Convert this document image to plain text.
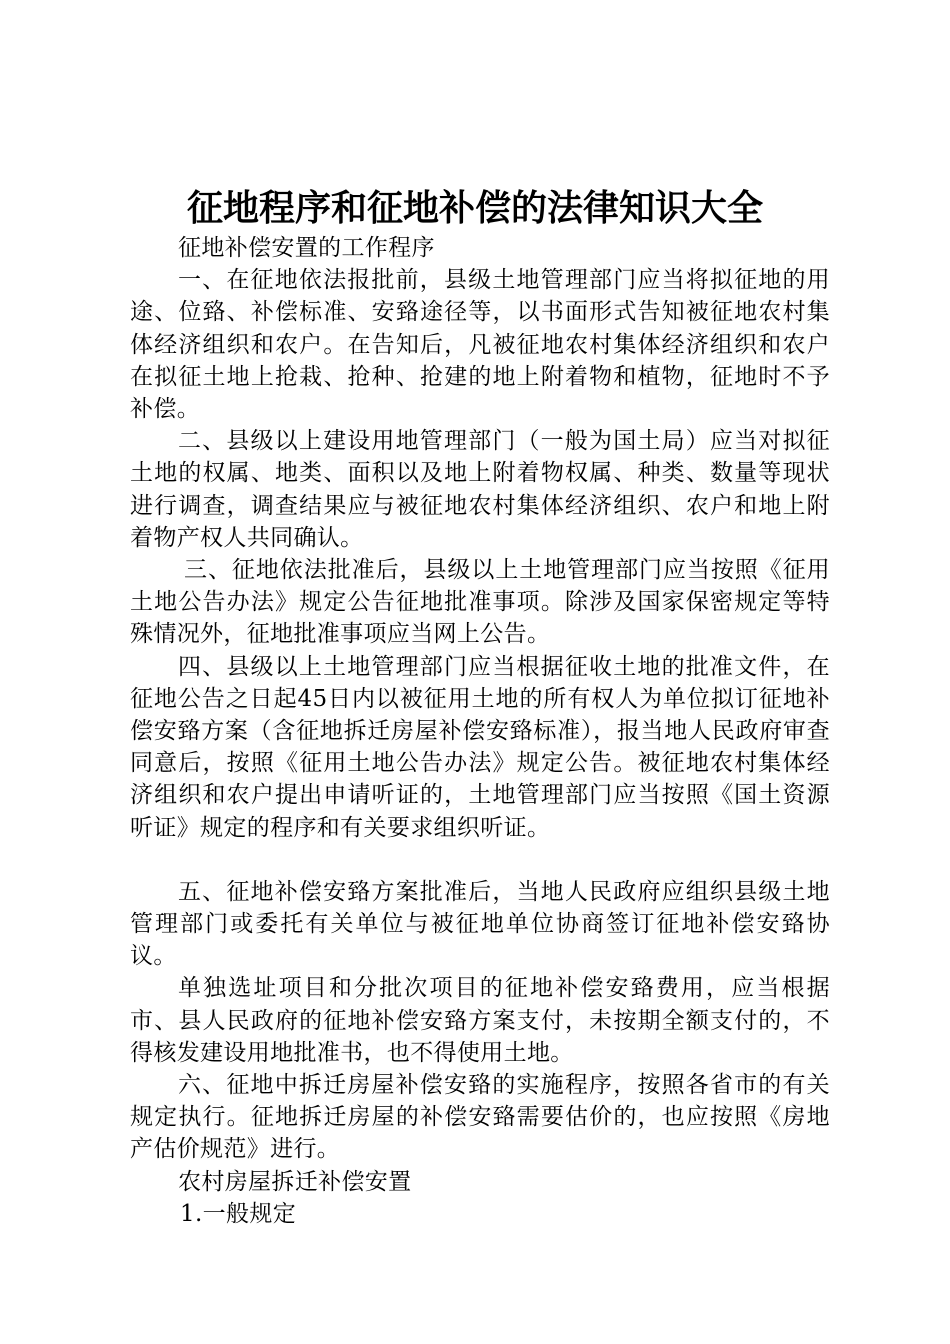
征地程序和征地补偿的法律知识大全

征地补偿安置的工作程序

一、在征地依法报批前，县级土地管理部门应当将拟征地的用途、位臵、补偿标准、安臵途径等，以书面形式告知被征地农村集体经济组织和农户。在告知后，凡被征地农村集体经济组织和农户在拟征土地上抢栽、抢种、抢建的地上附着物和植物，征地时不予补偿。

二、县级以上建设用地管理部门（一般为国土局）应当对拟征土地的权属、地类、面积以及地上附着物权属、种类、数量等现状进行调查，调查结果应与被征地农村集体经济组织、农户和地上附着物产权人共同确认。

三、征地依法批准后，县级以上土地管理部门应当按照《征用土地公告办法》规定公告征地批准事项。除涉及国家保密规定等特殊情况外，征地批准事项应当网上公告。

四、县级以上土地管理部门应当根据征收土地的批准文件，在征地公告之日起45日内以被征用土地的所有权人为单位拟订征地补偿安臵方案（含征地拆迁房屋补偿安臵标准），报当地人民政府审查同意后，按照《征用土地公告办法》规定公告。被征地农村集体经济组织和农户提出申请听证的，土地管理部门应当按照《国土资源听证》规定的程序和有关要求组织听证。

五、征地补偿安臵方案批准后，当地人民政府应组织县级土地管理部门或委托有关单位与被征地单位协商签订征地补偿安臵协议。

单独选址项目和分批次项目的征地补偿安臵费用，应当根据市、县人民政府的征地补偿安臵方案支付，未按期全额支付的，不得核发建设用地批准书，也不得使用土地。

六、征地中拆迁房屋补偿安臵的实施程序，按照各省市的有关规定执行。征地拆迁房屋的补偿安臵需要估价的，也应按照《房地产估价规范》进行。

农村房屋拆迁补偿安置

1.一般规定
